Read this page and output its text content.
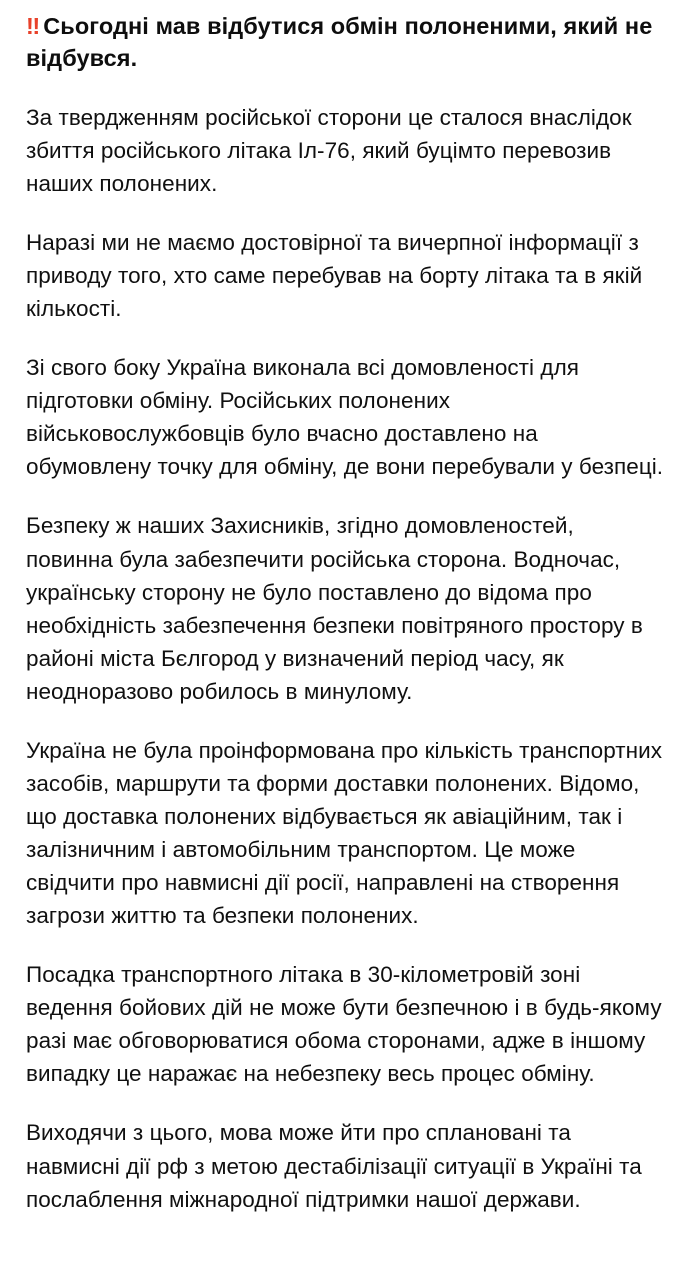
‼ Сьогодні мав відбутися обмін полоненими, який не відбувся.

За твердженням російської сторони це сталося внаслідок збиття російського літака Іл-76, який буцімто перевозив наших полонених.

Наразі ми не маємо достовірної та вичерпної інформації з приводу того, хто саме перебував на борту літака та в якій кількості.

Зі свого боку Україна виконала всі домовленості для підготовки обміну. Російських полонених військовослужбовців було вчасно доставлено на обумовлену точку для обміну, де вони перебували у безпеці.

Безпеку ж наших Захисників, згідно домовленостей, повинна була забезпечити російська сторона. Водночас, українську сторону не було поставлено до відома про необхідність забезпечення безпеки повітряного простору в районі міста Бєлгород у визначений період часу, як неодноразово робилось в минулому.

Україна не була проінформована про кількість транспортних засобів, маршрути та форми доставки полонених. Відомо, що доставка полонених відбувається як авіаційним, так і залізничним і автомобільним транспортом. Це може свідчити про навмисні дії росії, направлені на створення загрози життю та безпеки полонених.

Посадка транспортного літака в 30-кілометровій зоні ведення бойових дій не може бути безпечною і в будь-якому разі має обговорюватися обома сторонами, адже в іншому випадку це наражає на небезпеку весь процес обміну.

Виходячи з цього, мова може йти про сплановані та навмисні дії рф з метою дестабілізації ситуації в Україні та послаблення міжнародної підтримки нашої держави.
